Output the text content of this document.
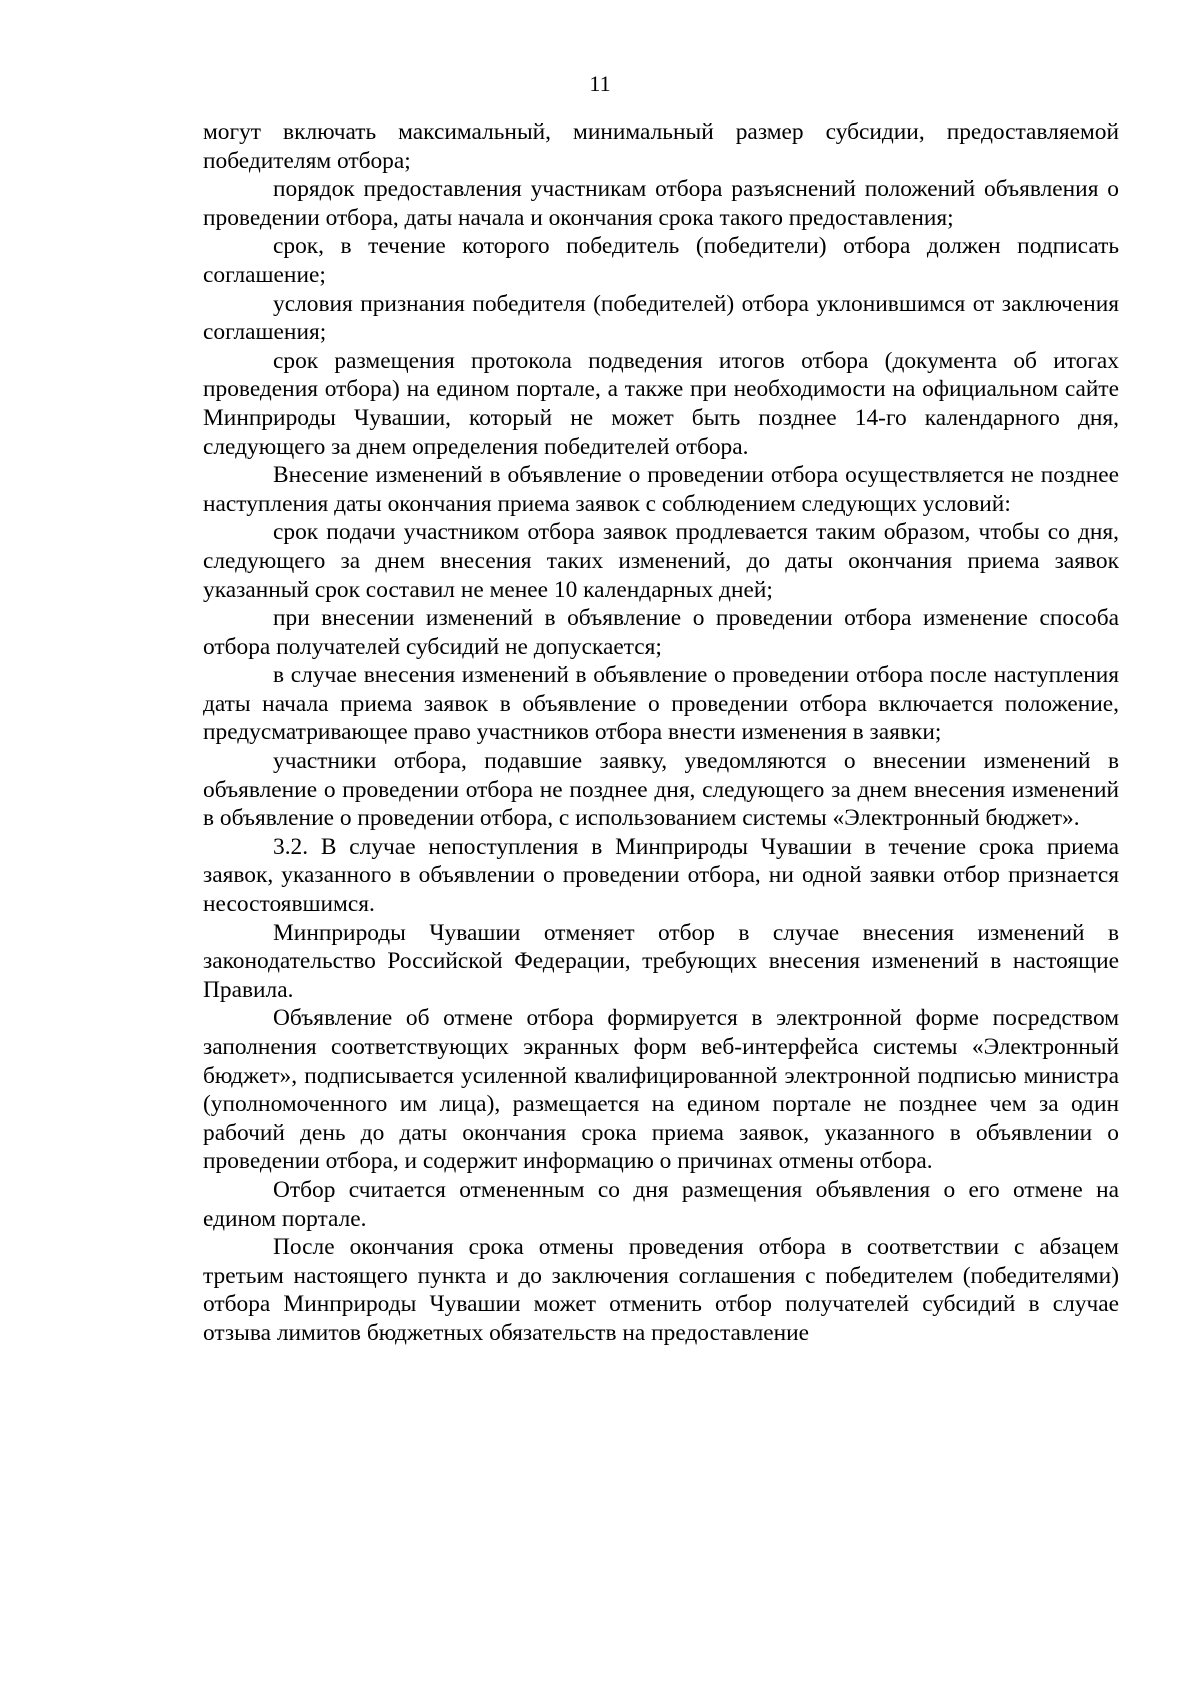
11

могут включать максимальный, минимальный размер субсидии, предоставляемой победителям отбора;

порядок предоставления участникам отбора разъяснений положений объявления о проведении отбора, даты начала и окончания срока такого предоставления;

срок, в течение которого победитель (победители) отбора должен подписать соглашение;

условия признания победителя (победителей) отбора уклонившимся от заключения соглашения;

срок размещения протокола подведения итогов отбора (документа об итогах проведения отбора) на едином портале, а также при необходимости на официальном сайте Минприроды Чувашии, который не может быть позднее 14-го календарного дня, следующего за днем определения победителей отбора.

Внесение изменений в объявление о проведении отбора осуществляется не позднее наступления даты окончания приема заявок с соблюдением следующих условий:

срок подачи участником отбора заявок продлевается таким образом, чтобы со дня, следующего за днем внесения таких изменений, до даты окончания приема заявок указанный срок составил не менее 10 календарных дней;

при внесении изменений в объявление о проведении отбора изменение способа отбора получателей субсидий не допускается;

в случае внесения изменений в объявление о проведении отбора после наступления даты начала приема заявок в объявление о проведении отбора включается положение, предусматривающее право участников отбора внести изменения в заявки;

участники отбора, подавшие заявку, уведомляются о внесении изменений в объявление о проведении отбора не позднее дня, следующего за днем внесения изменений в объявление о проведении отбора, с использованием системы «Электронный бюджет».

3.2. В случае непоступления в Минприроды Чувашии в течение срока приема заявок, указанного в объявлении о проведении отбора, ни одной заявки отбор признается несостоявшимся.

Минприроды Чувашии отменяет отбор в случае внесения изменений в законодательство Российской Федерации, требующих внесения изменений в настоящие Правила.

Объявление об отмене отбора формируется в электронной форме посредством заполнения соответствующих экранных форм веб-интерфейса системы «Электронный бюджет», подписывается усиленной квалифицированной электронной подписью министра (уполномоченного им лица), размещается на едином портале не позднее чем за один рабочий день до даты окончания срока приема заявок, указанного в объявлении о проведении отбора, и содержит информацию о причинах отмены отбора.

Отбор считается отмененным со дня размещения объявления о его отмене на едином портале.

После окончания срока отмены проведения отбора в соответствии с абзацем третьим настоящего пункта и до заключения соглашения с победителем (победителями) отбора Минприроды Чувашии может отменить отбор получателей субсидий в случае отзыва лимитов бюджетных обязательств на предоставление
